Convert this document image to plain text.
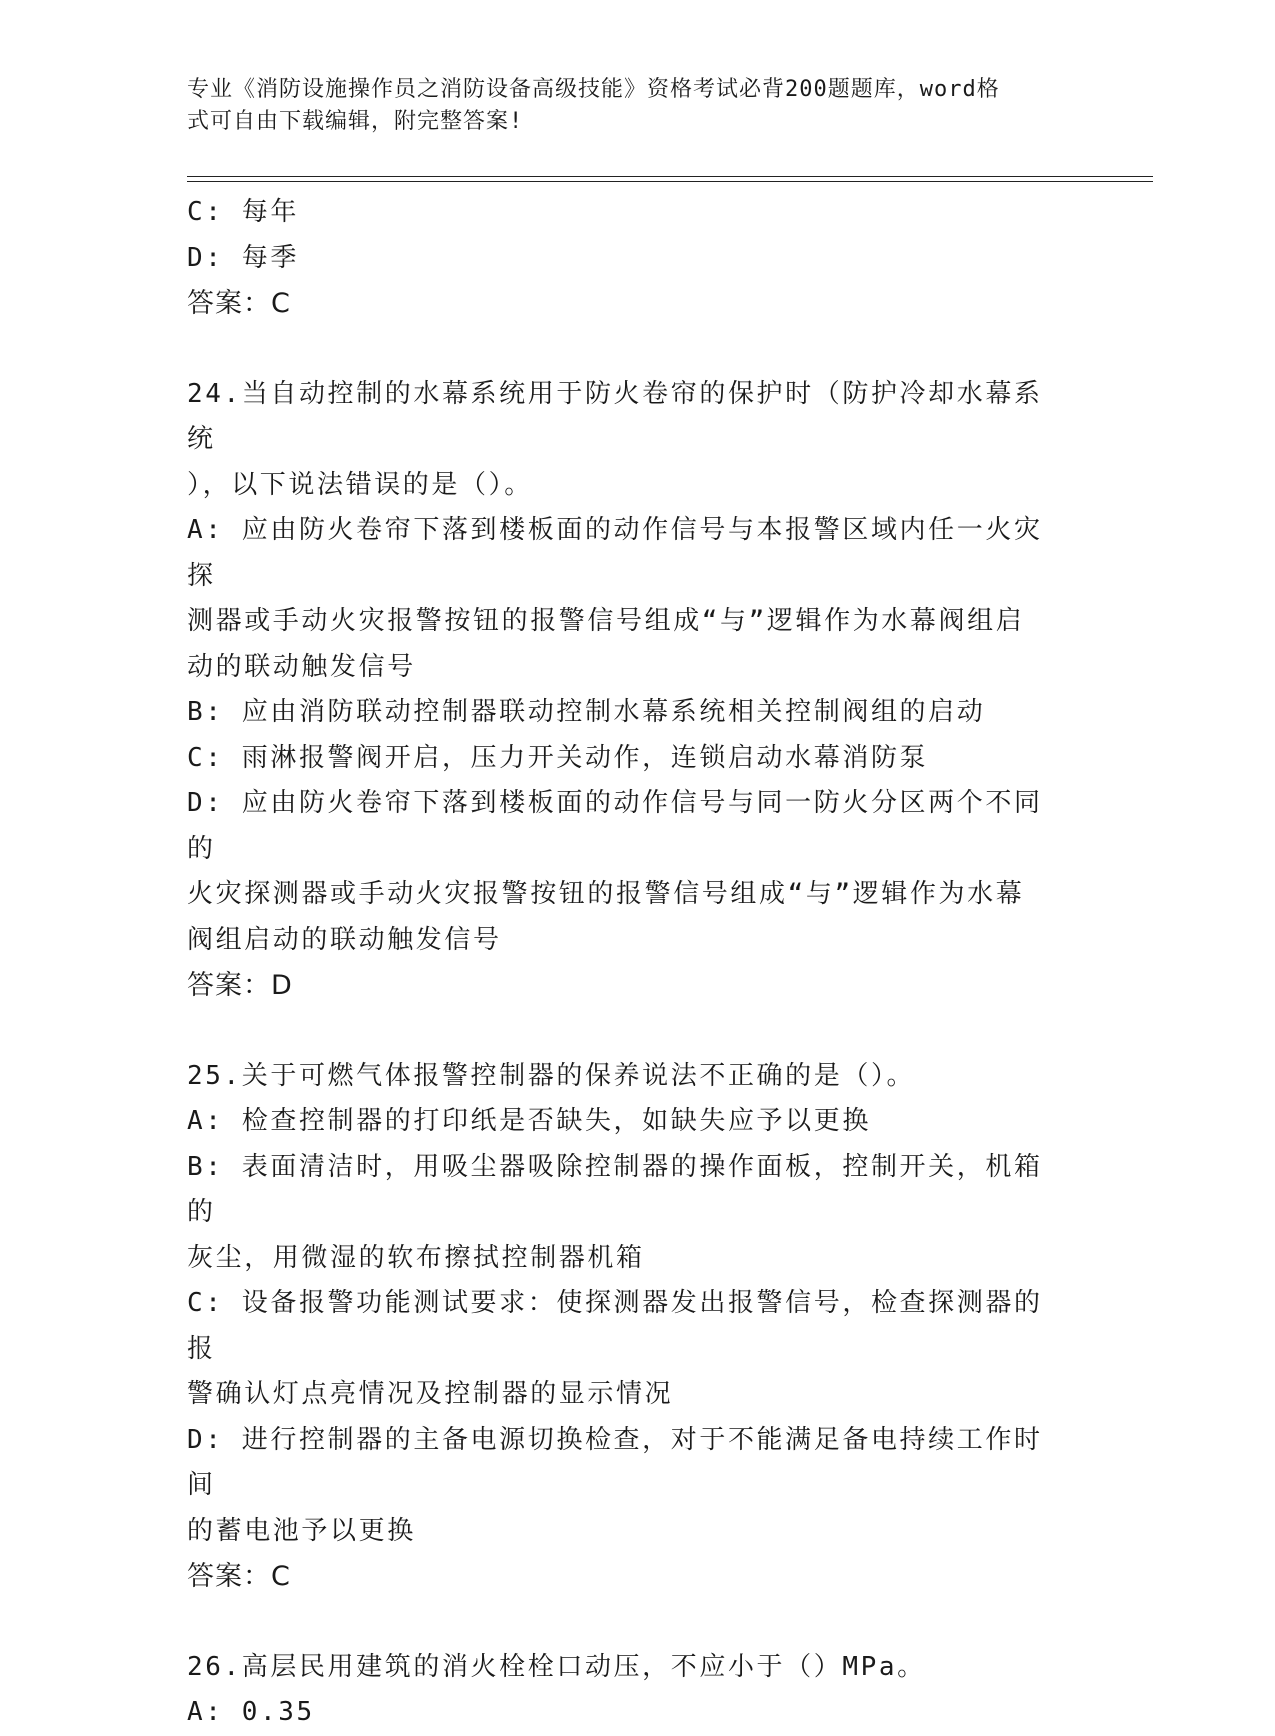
专业《消防设施操作员之消防设备高级技能》资格考试必背200题题库，word格
式可自由下载编辑，附完整答案!
C: 每年
D: 每季
答案：C
24.当自动控制的水幕系统用于防火卷帘的保护时（防护冷却水幕系统
），以下说法错误的是（）。
A: 应由防火卷帘下落到楼板面的动作信号与本报警区域内任一火灾探
测器或手动火灾报警按钮的报警信号组成“与”逻辑作为水幕阀组启
动的联动触发信号
B: 应由消防联动控制器联动控制水幕系统相关控制阀组的启动
C: 雨淋报警阀开启，压力开关动作，连锁启动水幕消防泵
D: 应由防火卷帘下落到楼板面的动作信号与同一防火分区两个不同的
火灾探测器或手动火灾报警按钮的报警信号组成“与”逻辑作为水幕
阀组启动的联动触发信号
答案：D
25.关于可燃气体报警控制器的保养说法不正确的是（）。
A: 检查控制器的打印纸是否缺失，如缺失应予以更换
B: 表面清洁时，用吸尘器吸除控制器的操作面板，控制开关，机箱的
灰尘，用微湿的软布擦拭控制器机箱
C: 设备报警功能测试要求：使探测器发出报警信号，检查探测器的报
警确认灯点亮情况及控制器的显示情况
D: 进行控制器的主备电源切换检查，对于不能满足备电持续工作时间
的蓄电池予以更换
答案：C
26.高层民用建筑的消火栓栓口动压，不应小于（）MPa。
A: 0.35
